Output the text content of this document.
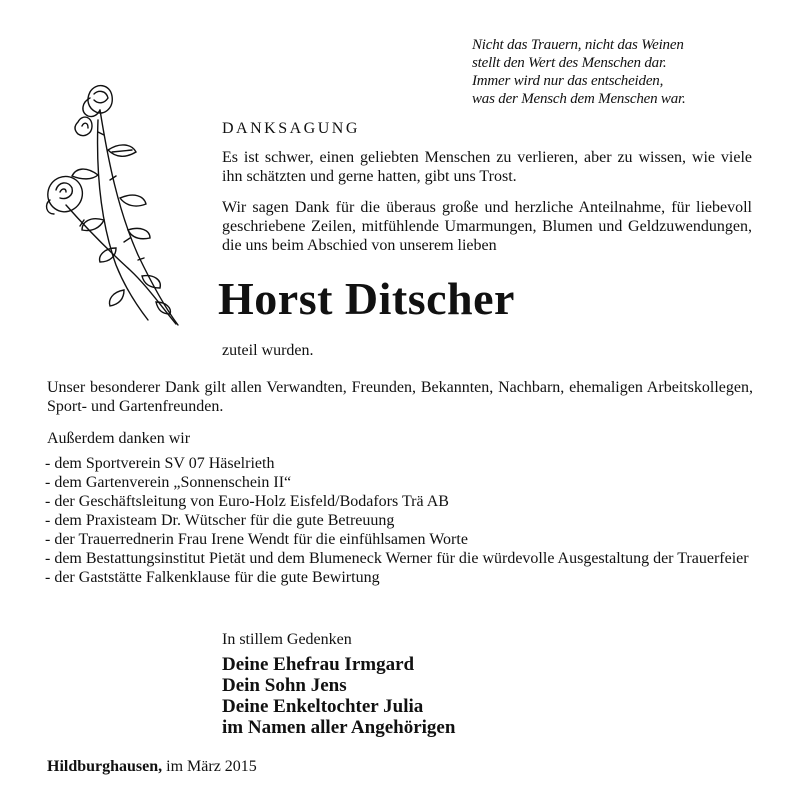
Nicht das Trauern, nicht das Weinen
stellt den Wert des Menschen dar.
Immer wird nur das entscheiden,
was der Mensch dem Menschen war.
DANKSAGUNG
Es ist schwer, einen geliebten Menschen zu verlieren, aber zu wissen, wie viele ihn schätzten und gerne hatten, gibt uns Trost.
Wir sagen Dank für die überaus große und herzliche Anteilnahme, für liebevoll geschriebene Zeilen, mitfühlende Umarmungen, Blumen und Geldzuwendungen, die uns beim Abschied von unserem lieben
Horst Ditscher
zuteil wurden.
Unser besonderer Dank gilt allen Verwandten, Freunden, Bekannten, Nachbarn, ehemaligen Arbeitskollegen, Sport- und Gartenfreunden.
Außerdem danken wir
- dem Sportverein SV 07 Häselrieth
- dem Gartenverein „Sonnenschein II“
- der Geschäftsleitung von Euro-Holz Eisfeld/Bodafors Trä AB
- dem Praxisteam Dr. Wütscher für die gute Betreuung
- der Trauerrednerin Frau Irene Wendt für die einfühlsamen Worte
- dem Bestattungsinstitut Pietät und dem Blumeneck Werner für die würdevolle Ausgestaltung der Trauerfeier
- der Gaststätte Falkenklause für die gute Bewirtung
In stillem Gedenken
Deine Ehefrau Irmgard
Dein Sohn Jens
Deine Enkeltochter Julia
im Namen aller Angehörigen
Hildburghausen, im März 2015
